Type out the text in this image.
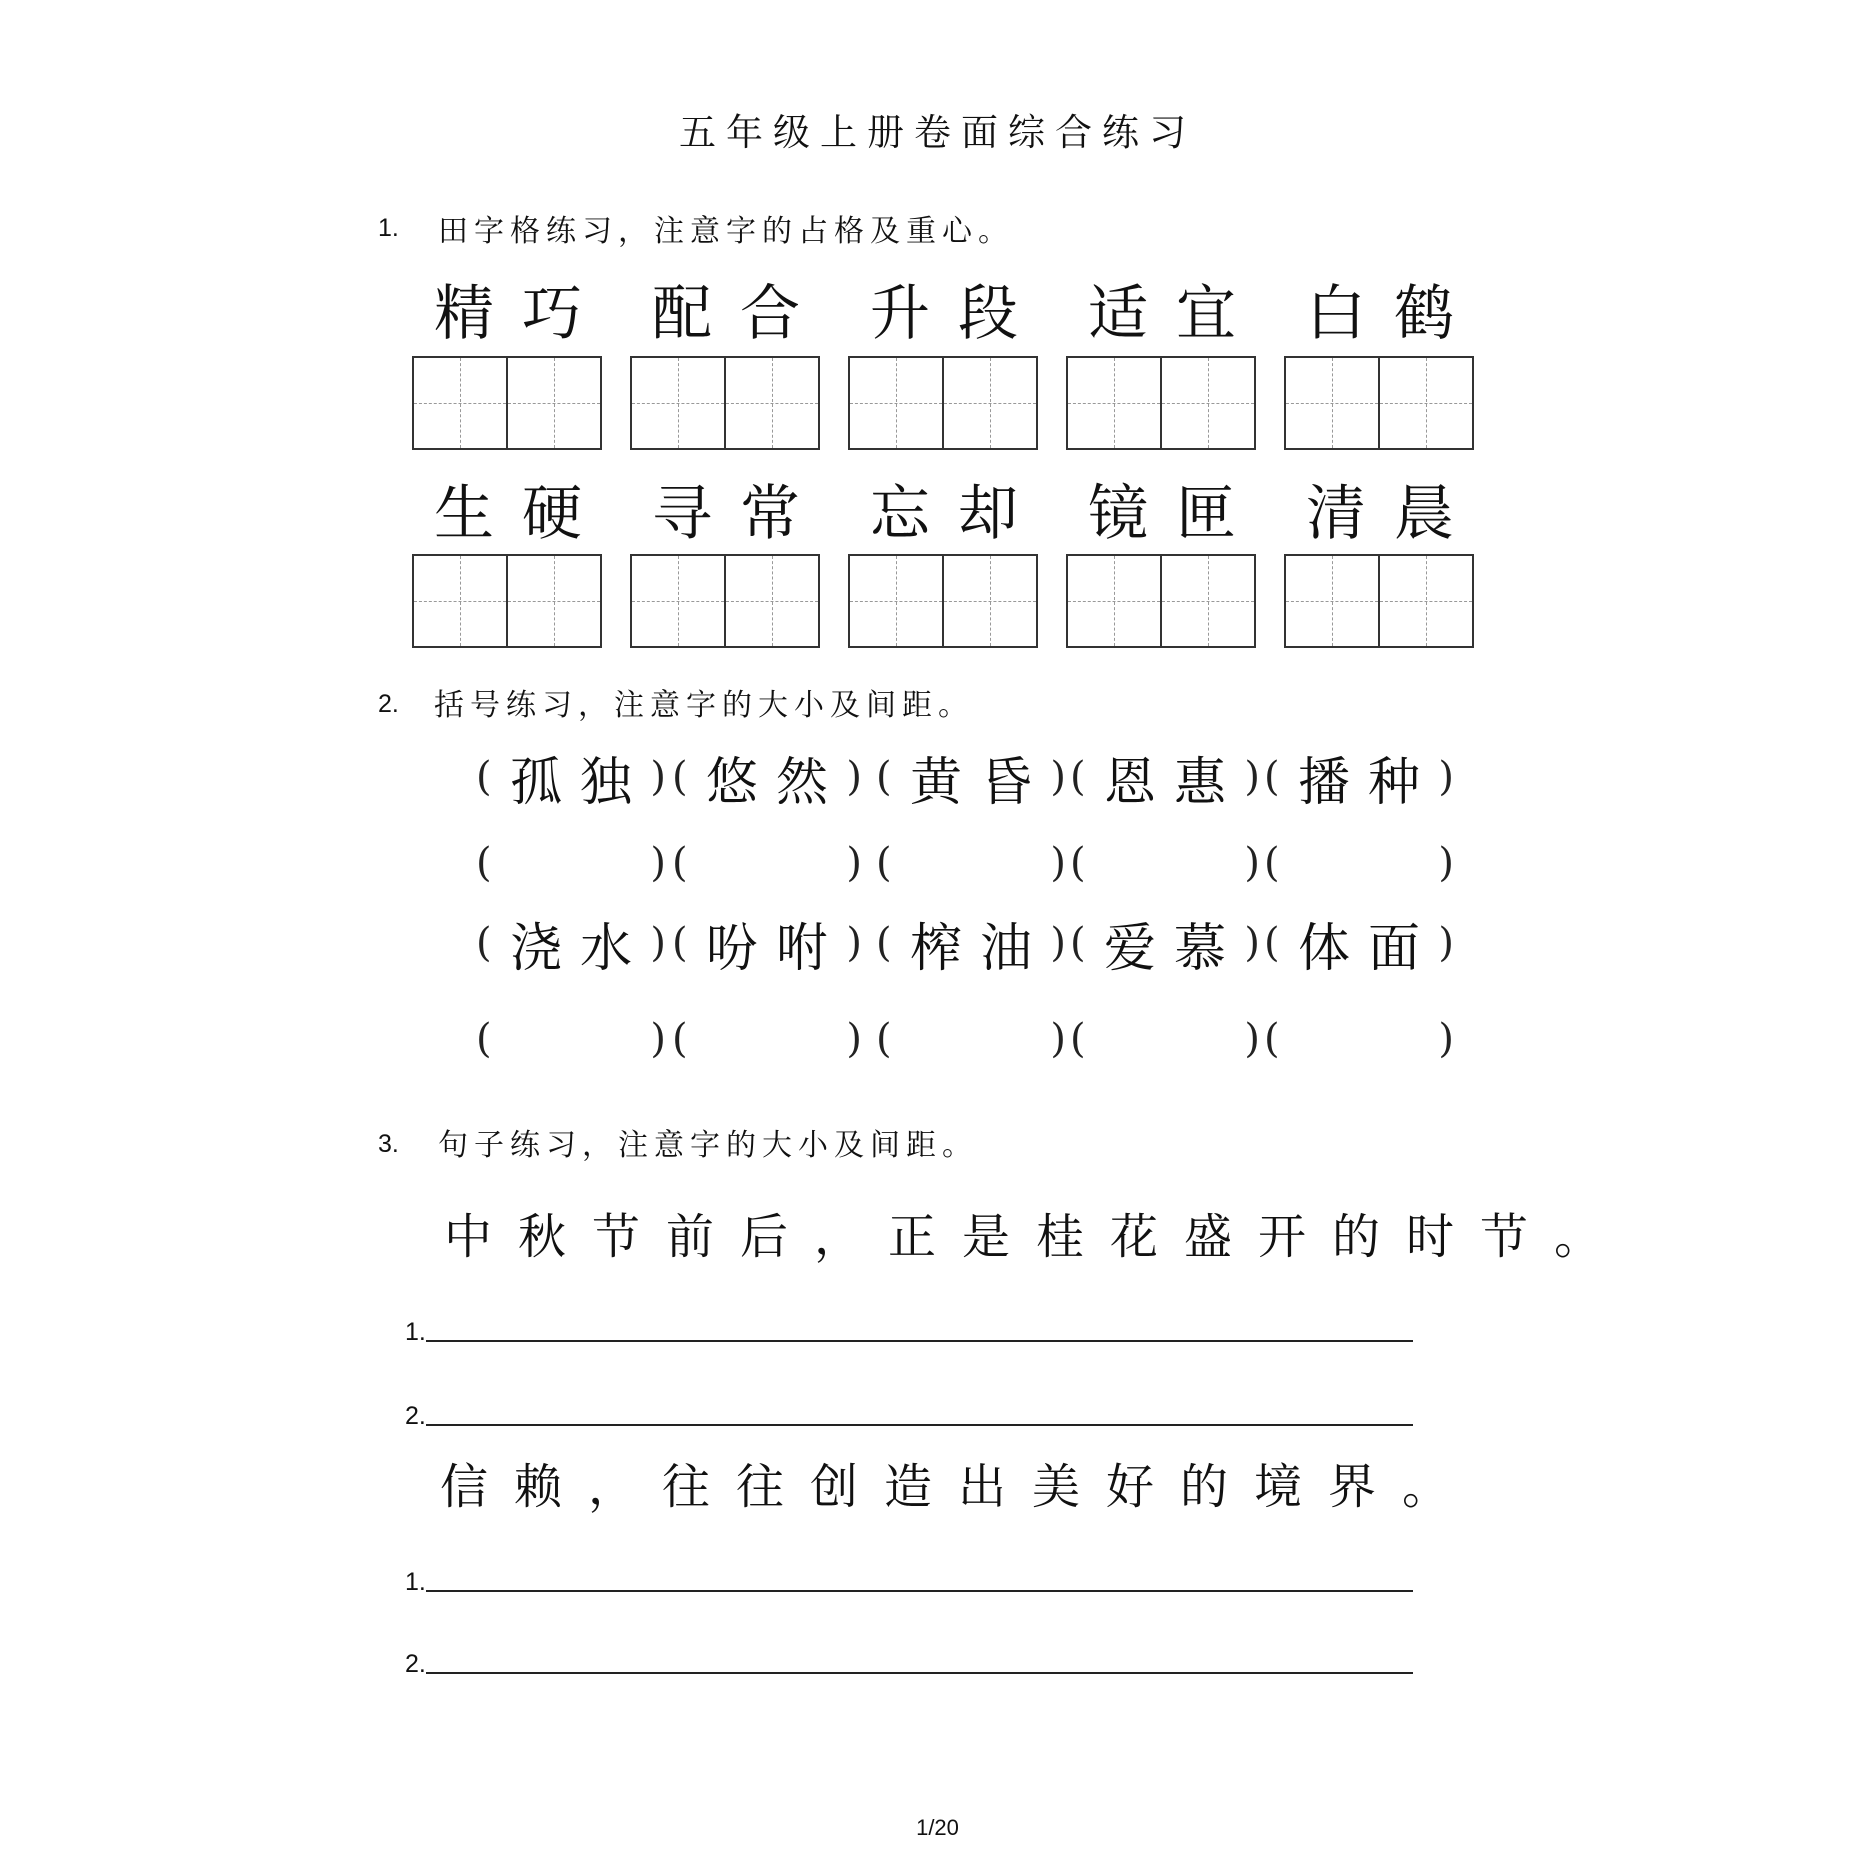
五年级上册卷面综合练习
1. 田字格练习，注意字的占格及重心。
精巧 配合 升段 适宜 白鹤
生硬 寻常 忘却 镜匣 清晨
2. 括号练习，注意字的大小及间距。
( 孤独 ) ( 悠然 ) ( 黄昏 ) ( 恩惠 ) ( 播种 )
(	) (	) (	) (	) (	)
( 浇水 ) ( 吩咐 ) ( 榨油 ) ( 爱慕 ) ( 体面 )
(	) (	) (	) (	) (	)
3. 句子练习，注意字的大小及间距。
中秋节前后，正是桂花盛开的时节。
1.
2.
信赖，往往创造出美好的境界。
1.
2.
1/20
